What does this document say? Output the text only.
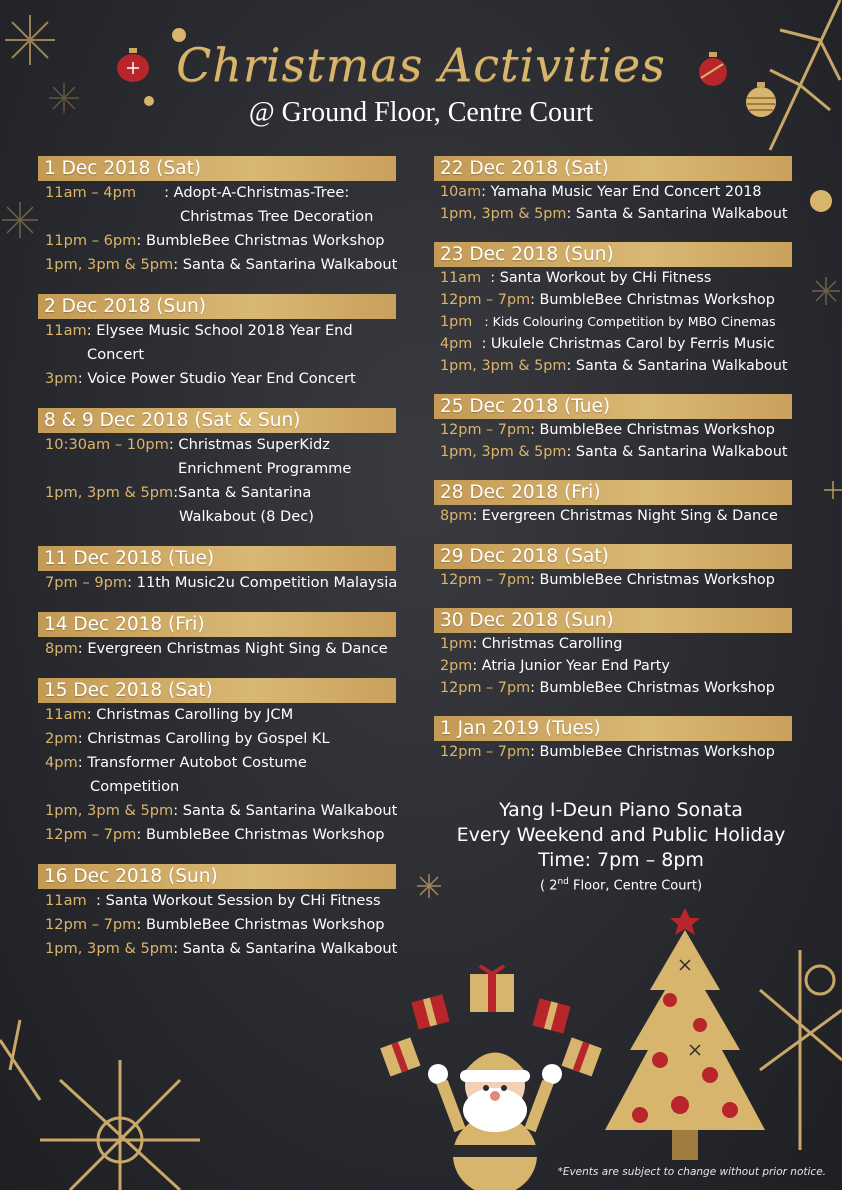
Christmas Activities
@ Ground Floor, Centre Court
1 Dec 2018 (Sat)
11am – 4pm	: Adopt-A-Christmas-Tree:
Christmas Tree Decoration
11pm – 6pm : BumbleBee Christmas Workshop
1pm, 3pm & 5pm : Santa & Santarina Walkabout
2 Dec 2018 (Sun)
11am : Elysee Music School 2018 Year End
Concert
3pm : Voice Power Studio Year End Concert
8 & 9 Dec 2018 (Sat & Sun)
10:30am – 10pm : Christmas SuperKidz
Enrichment Programme
1pm, 3pm & 5pm :Santa & Santarina
Walkabout (8 Dec)
11 Dec 2018 (Tue)
7pm – 9pm : 11th Music2u Competition Malaysia
14 Dec 2018 (Fri)
8pm : Evergreen Christmas Night Sing & Dance
15 Dec 2018 (Sat)
11am : Christmas Carolling by JCM
2pm : Christmas Carolling by Gospel KL
4pm : Transformer Autobot Costume
Competition
1pm, 3pm & 5pm : Santa & Santarina Walkabout
12pm – 7pm : BumbleBee Christmas Workshop
16 Dec 2018 (Sun)
11am : Santa Workout Session by CHi Fitness
12pm – 7pm : BumbleBee Christmas Workshop
1pm, 3pm & 5pm : Santa & Santarina Walkabout
22 Dec 2018 (Sat)
10am : Yamaha Music Year End Concert 2018
1pm, 3pm & 5pm : Santa & Santarina Walkabout
23 Dec 2018 (Sun)
11am : Santa Workout by CHi Fitness
12pm – 7pm : BumbleBee Christmas Workshop
1pm : Kids Colouring Competition by MBO Cinemas
4pm : Ukulele Christmas Carol by Ferris Music
1pm, 3pm & 5pm : Santa & Santarina Walkabout
25 Dec 2018 (Tue)
12pm – 7pm : BumbleBee Christmas Workshop
1pm, 3pm & 5pm : Santa & Santarina Walkabout
28 Dec 2018 (Fri)
8pm : Evergreen Christmas Night Sing & Dance
29 Dec 2018 (Sat)
12pm – 7pm : BumbleBee Christmas Workshop
30 Dec 2018 (Sun)
1pm : Christmas Carolling
2pm : Atria Junior Year End Party
12pm – 7pm : BumbleBee Christmas Workshop
1 Jan 2019 (Tues)
12pm – 7pm : BumbleBee Christmas Workshop
Yang I-Deun Piano Sonata
Every Weekend and Public Holiday
Time: 7pm – 8pm
( 2nd Floor, Centre Court)
*Events are subject to change without prior notice.
